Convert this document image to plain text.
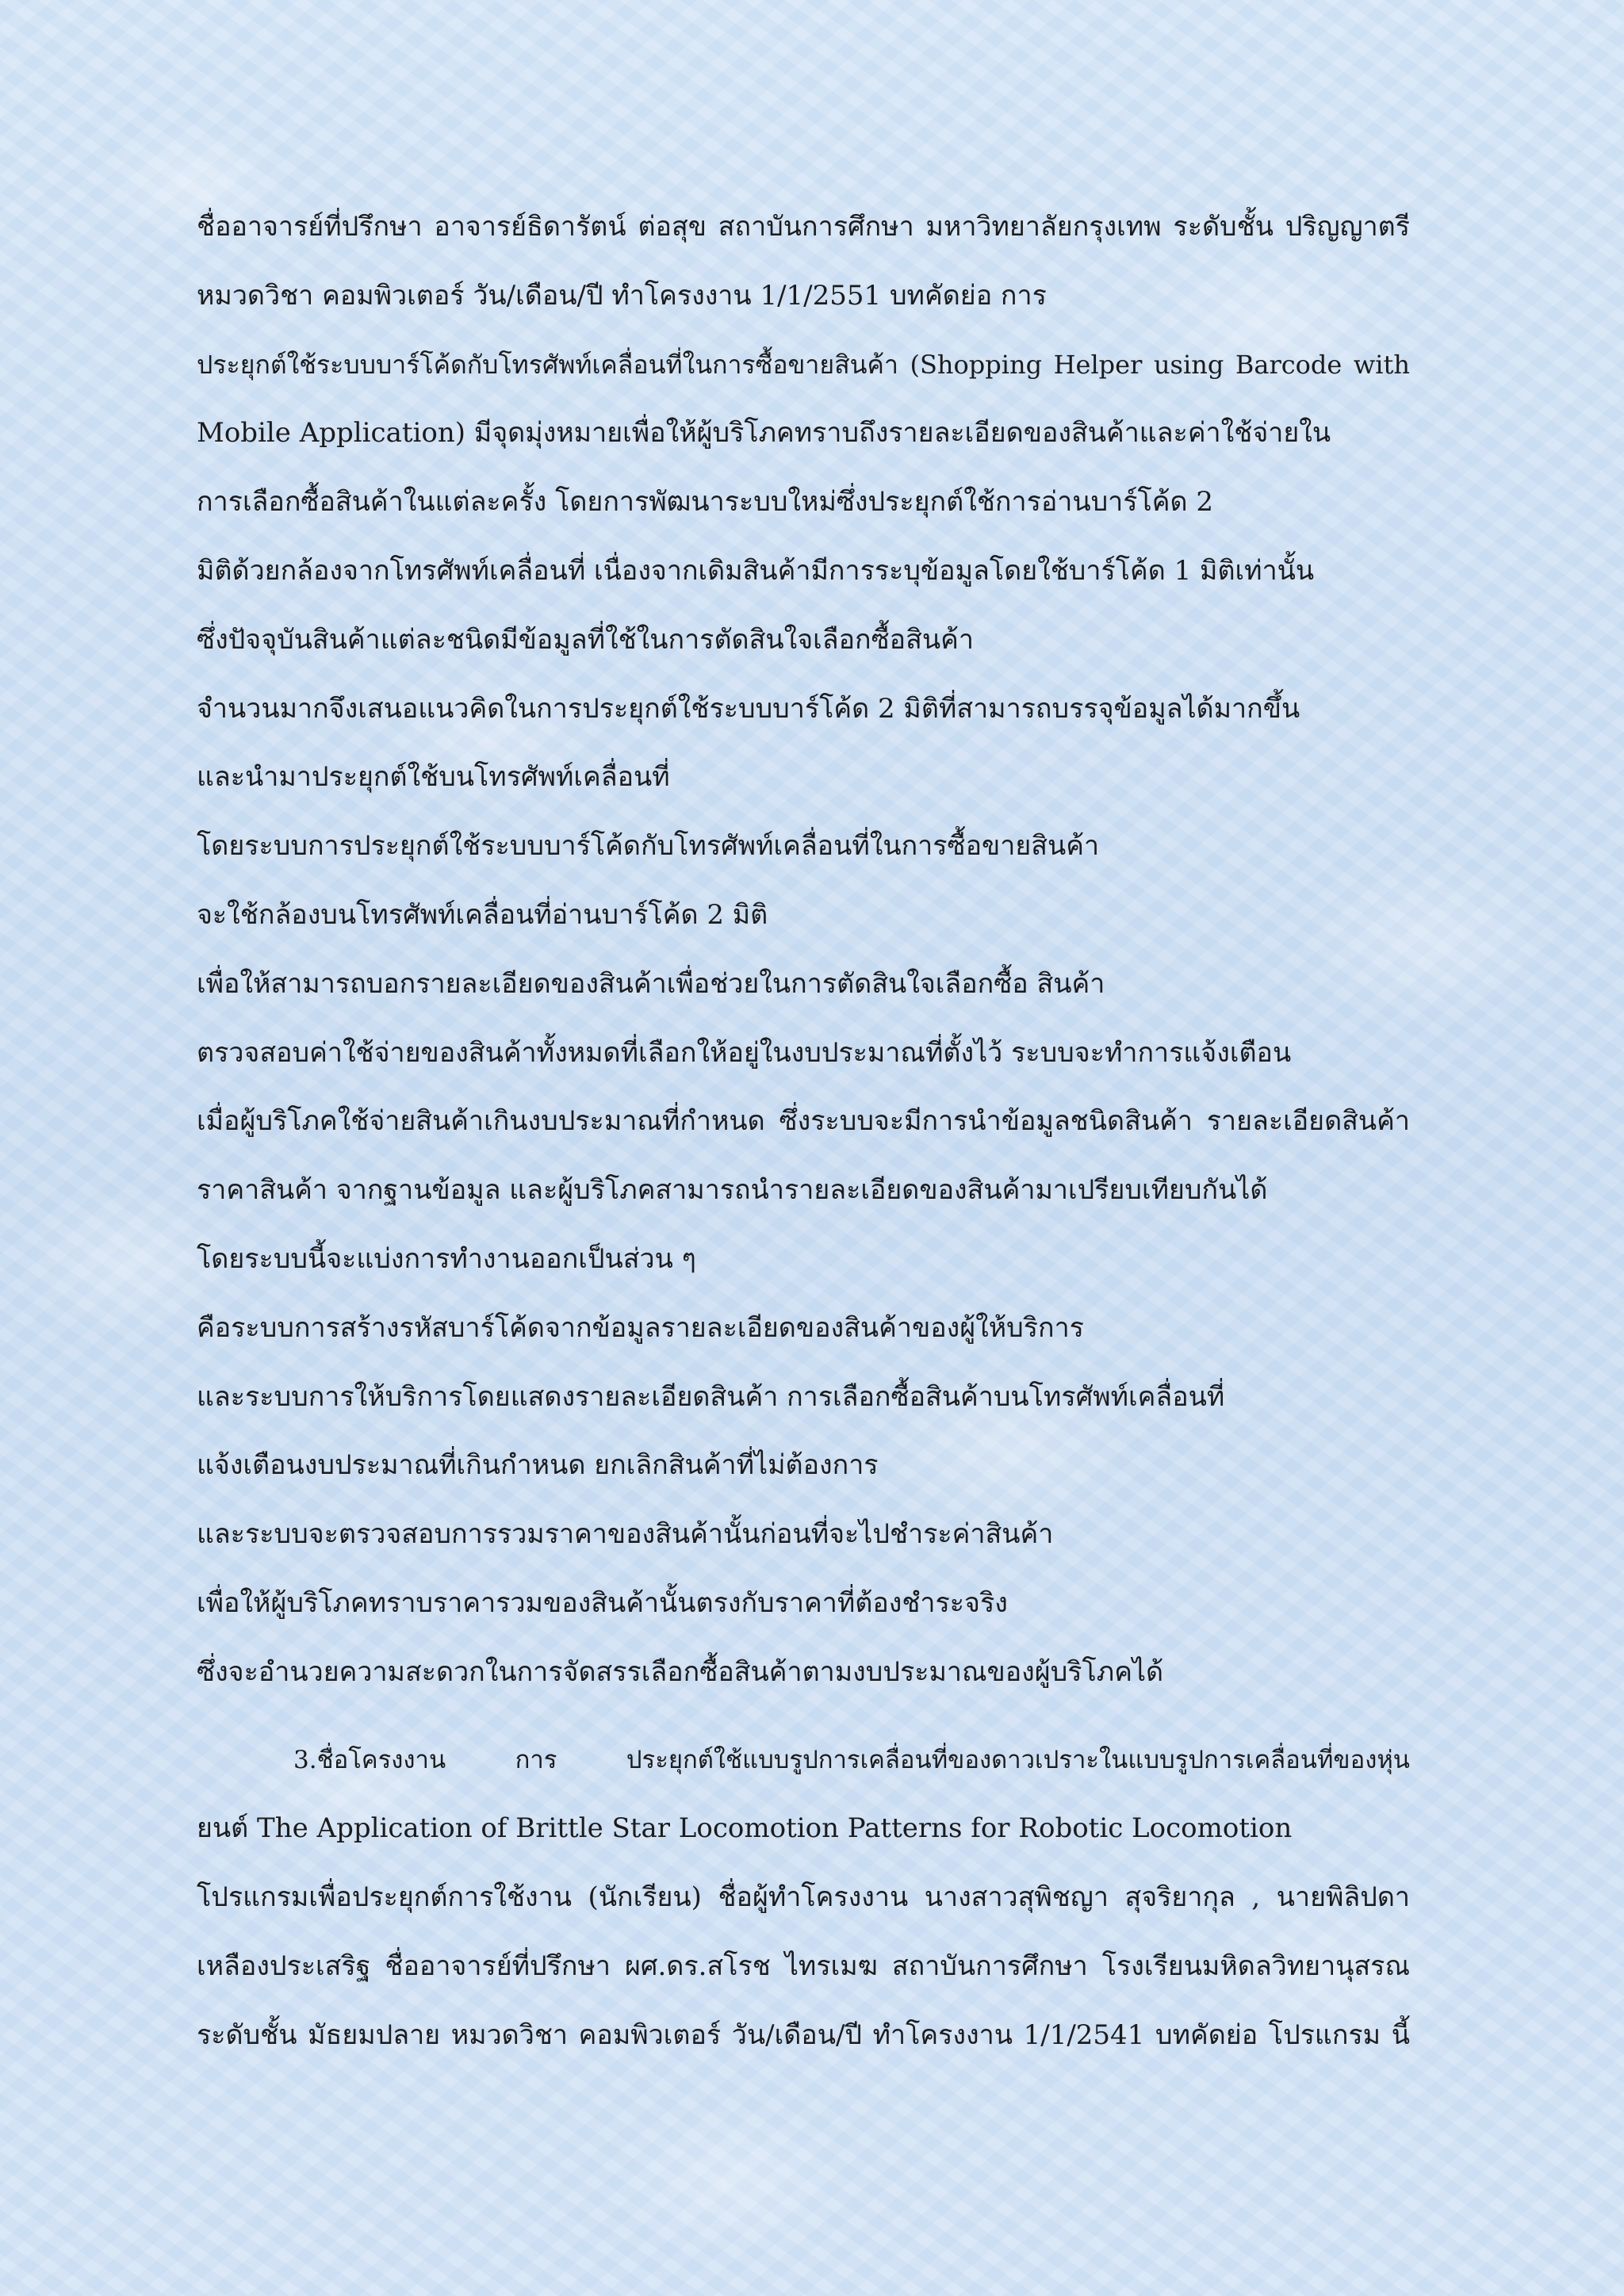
ชื่ออาจารย์ที่ปรึกษา อาจารย์ธิดารัตน์ ต่อสุข สถาบันการศึกษา มหาวิทยาลัยกรุงเทพ ระดับชั้น ปริญญาตรี
หมวดวิชา คอมพิวเตอร์ วัน/เดือน/ปี ทำโครงงาน 1/1/2551 บทคัดย่อ การ
ประยุกต์ใช้ระบบบาร์โค้ดกับโทรศัพท์เคลื่อนที่ในการซื้อขายสินค้า (Shopping Helper using Barcode with
Mobile Application) มีจุดมุ่งหมายเพื่อให้ผู้บริโภคทราบถึงรายละเอียดของสินค้าและค่าใช้จ่ายใน
การเลือกซื้อสินค้าในแต่ละครั้ง โดยการพัฒนาระบบใหม่ซึ่งประยุกต์ใช้การอ่านบาร์โค้ด 2
มิติด้วยกล้องจากโทรศัพท์เคลื่อนที่ เนื่องจากเดิมสินค้ามีการระบุข้อมูลโดยใช้บาร์โค้ด 1 มิติเท่านั้น
ซึ่งปัจจุบันสินค้าแต่ละชนิดมีข้อมูลที่ใช้ในการตัดสินใจเลือกซื้อสินค้า
จำนวนมากจึงเสนอแนวคิดในการประยุกต์ใช้ระบบบาร์โค้ด 2 มิติที่สามารถบรรจุข้อมูลได้มากขึ้น
และนำมาประยุกต์ใช้บนโทรศัพท์เคลื่อนที่
โดยระบบการประยุกต์ใช้ระบบบาร์โค้ดกับโทรศัพท์เคลื่อนที่ในการซื้อขายสินค้า
จะใช้กล้องบนโทรศัพท์เคลื่อนที่อ่านบาร์โค้ด 2 มิติ
เพื่อให้สามารถบอกรายละเอียดของสินค้าเพื่อช่วยในการตัดสินใจเลือกซื้อ สินค้า
ตรวจสอบค่าใช้จ่ายของสินค้าทั้งหมดที่เลือกให้อยู่ในงบประมาณที่ตั้งไว้ ระบบจะทำการแจ้งเตือน
เมื่อผู้บริโภคใช้จ่ายสินค้าเกินงบประมาณที่กำหนด ซึ่งระบบจะมีการนำข้อมูลชนิดสินค้า รายละเอียดสินค้า
ราคาสินค้า จากฐานข้อมูล และผู้บริโภคสามารถนำรายละเอียดของสินค้ามาเปรียบเทียบกันได้
โดยระบบนี้จะแบ่งการทำงานออกเป็นส่วน ๆ
คือระบบการสร้างรหัสบาร์โค้ดจากข้อมูลรายละเอียดของสินค้าของผู้ให้บริการ
และระบบการให้บริการโดยแสดงรายละเอียดสินค้า การเลือกซื้อสินค้าบนโทรศัพท์เคลื่อนที่
แจ้งเตือนงบประมาณที่เกินกำหนด ยกเลิกสินค้าที่ไม่ต้องการ
และระบบจะตรวจสอบการรวมราคาของสินค้านั้นก่อนที่จะไปชำระค่าสินค้า
เพื่อให้ผู้บริโภคทราบราคารวมของสินค้านั้นตรงกับราคาที่ต้องชำระจริง
ซึ่งจะอำนวยความสะดวกในการจัดสรรเลือกซื้อสินค้าตามงบประมาณของผู้บริโภคได้
3.ชื่อโครงงาน การ ประยุกต์ใช้แบบรูปการเคลื่อนที่ของดาวเปราะในแบบรูปการเคลื่อนที่ของหุ่น
ยนต์ The Application of Brittle Star Locomotion Patterns for Robotic Locomotion
โปรแกรมเพื่อประยุกต์การใช้งาน (นักเรียน) ชื่อผู้ทำโครงงาน นางสาวสุพิชญา สุจริยากุล , นายพิลิปดา
เหลืองประเสริฐ ชื่ออาจารย์ที่ปรึกษา ผศ.ดร.สโรช ไทรเมฆ สถาบันการศึกษา โรงเรียนมหิดลวิทยานุสรณ
ระดับชั้น มัธยมปลาย หมวดวิชา คอมพิวเตอร์ วัน/เดือน/ปี ทำโครงงาน 1/1/2541 บทคัดย่อ โปรแกรม นี้
